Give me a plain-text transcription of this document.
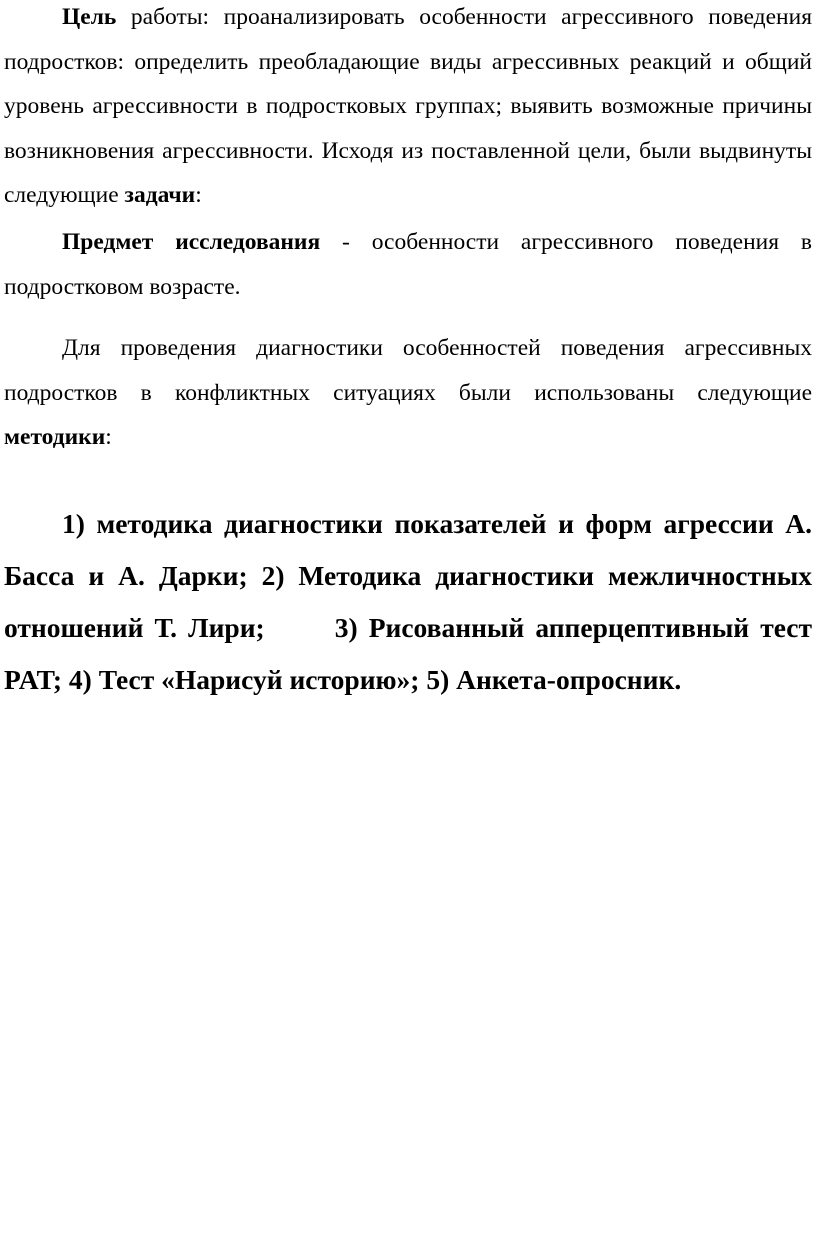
Цель работы: проанализировать особенности агрессивного поведения подростков: определить преобладающие виды агрессивных реакций и общий уровень агрессивности в подростковых группах; выявить возможные причины возникновения агрессивности. Исходя из поставленной цели, были выдвинуты следующие задачи:

Предмет исследования - особенности агрессивного поведения в подростковом возрасте.

Для проведения диагностики особенностей поведения агрессивных подростков в конфликтных ситуациях были использованы следующие методики:

1) методика диагностики показателей и форм агрессии А. Басса и А. Дарки; 2) Методика диагностики межличностных отношений Т. Лири;	3) Рисованный апперцептивный тест PAT; 4) Тест «Нарисуй историю»; 5) Анкета-опросник.
